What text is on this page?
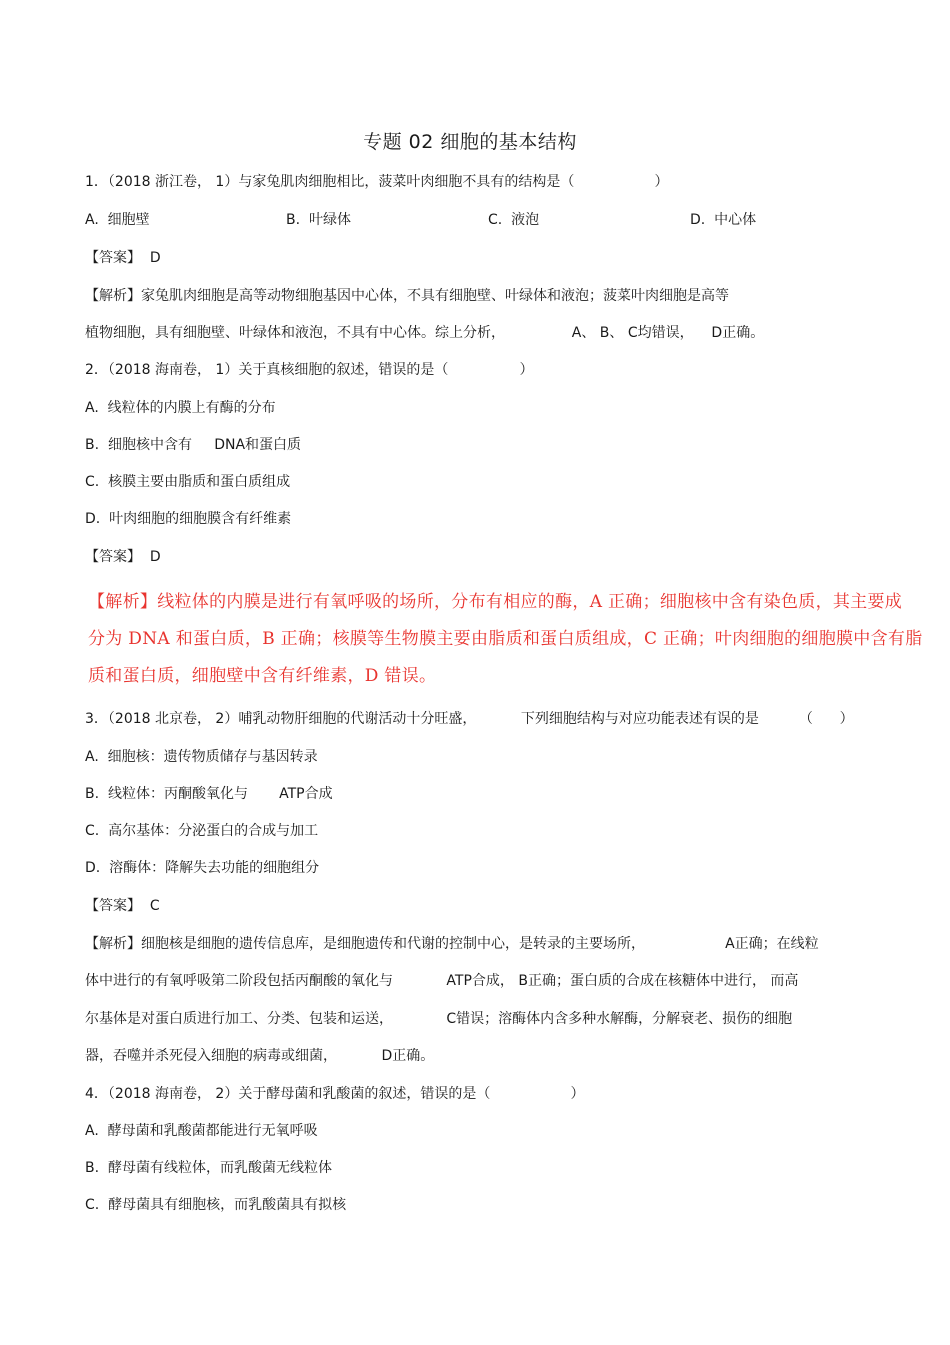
专题 02 细胞的基本结构
1．（2018 浙江卷， 1）与家兔肌肉细胞相比，菠菜叶肉细胞不具有的结构是（                  ）
A.  细胞壁	B.  叶绿体	C.  液泡	D.  中心体
【答案】  D
【解析】家兔肌肉细胞是高等动物细胞基因中心体，不具有细胞壁、叶绿体和液泡；菠菜叶肉细胞是高等
植物细胞，具有细胞壁、叶绿体和液泡，不具有中心体。综上分析，               A、 B、 C均错误，    D正确。
2．（2018 海南卷， 1）关于真核细胞的叙述，错误的是（                ）
A.  线粒体的内膜上有酶的分布
B.  细胞核中含有     DNA和蛋白质
C.  核膜主要由脂质和蛋白质组成
D.  叶肉细胞的细胞膜含有纤维素
【答案】  D
【解析】线粒体的内膜是进行有氧呼吸的场所，分布有相应的酶，A 正确；细胞核中含有染色质，其主要成
分为 DNA 和蛋白质，B 正确；核膜等生物膜主要由脂质和蛋白质组成，C 正确；叶肉细胞的细胞膜中含有脂
质和蛋白质，细胞壁中含有纤维素，D 错误。
3．（2018 北京卷， 2）哺乳动物肝细胞的代谢活动十分旺盛，          下列细胞结构与对应功能表述有误的是         （      ）
A.  细胞核：遗传物质储存与基因转录
B.  线粒体：丙酮酸氧化与       ATP合成
C.  高尔基体：分泌蛋白的合成与加工
D.  溶酶体：降解失去功能的细胞组分
【答案】  C
【解析】细胞核是细胞的遗传信息库，是细胞遗传和代谢的控制中心，是转录的主要场所，                  A正确；在线粒
体中进行的有氧呼吸第二阶段包括丙酮酸的氧化与            ATP合成， B正确；蛋白质的合成在核糖体中进行， 而高
尔基体是对蛋白质进行加工、分类、包装和运送，            C错误；溶酶体内含多种水解酶，分解衰老、损伤的细胞
器，吞噬并杀死侵入细胞的病毒或细菌，          D正确。
4．（2018 海南卷， 2）关于酵母菌和乳酸菌的叙述，错误的是（                  ）
A.  酵母菌和乳酸菌都能进行无氧呼吸
B.  酵母菌有线粒体，而乳酸菌无线粒体
C.  酵母菌具有细胞核，而乳酸菌具有拟核
